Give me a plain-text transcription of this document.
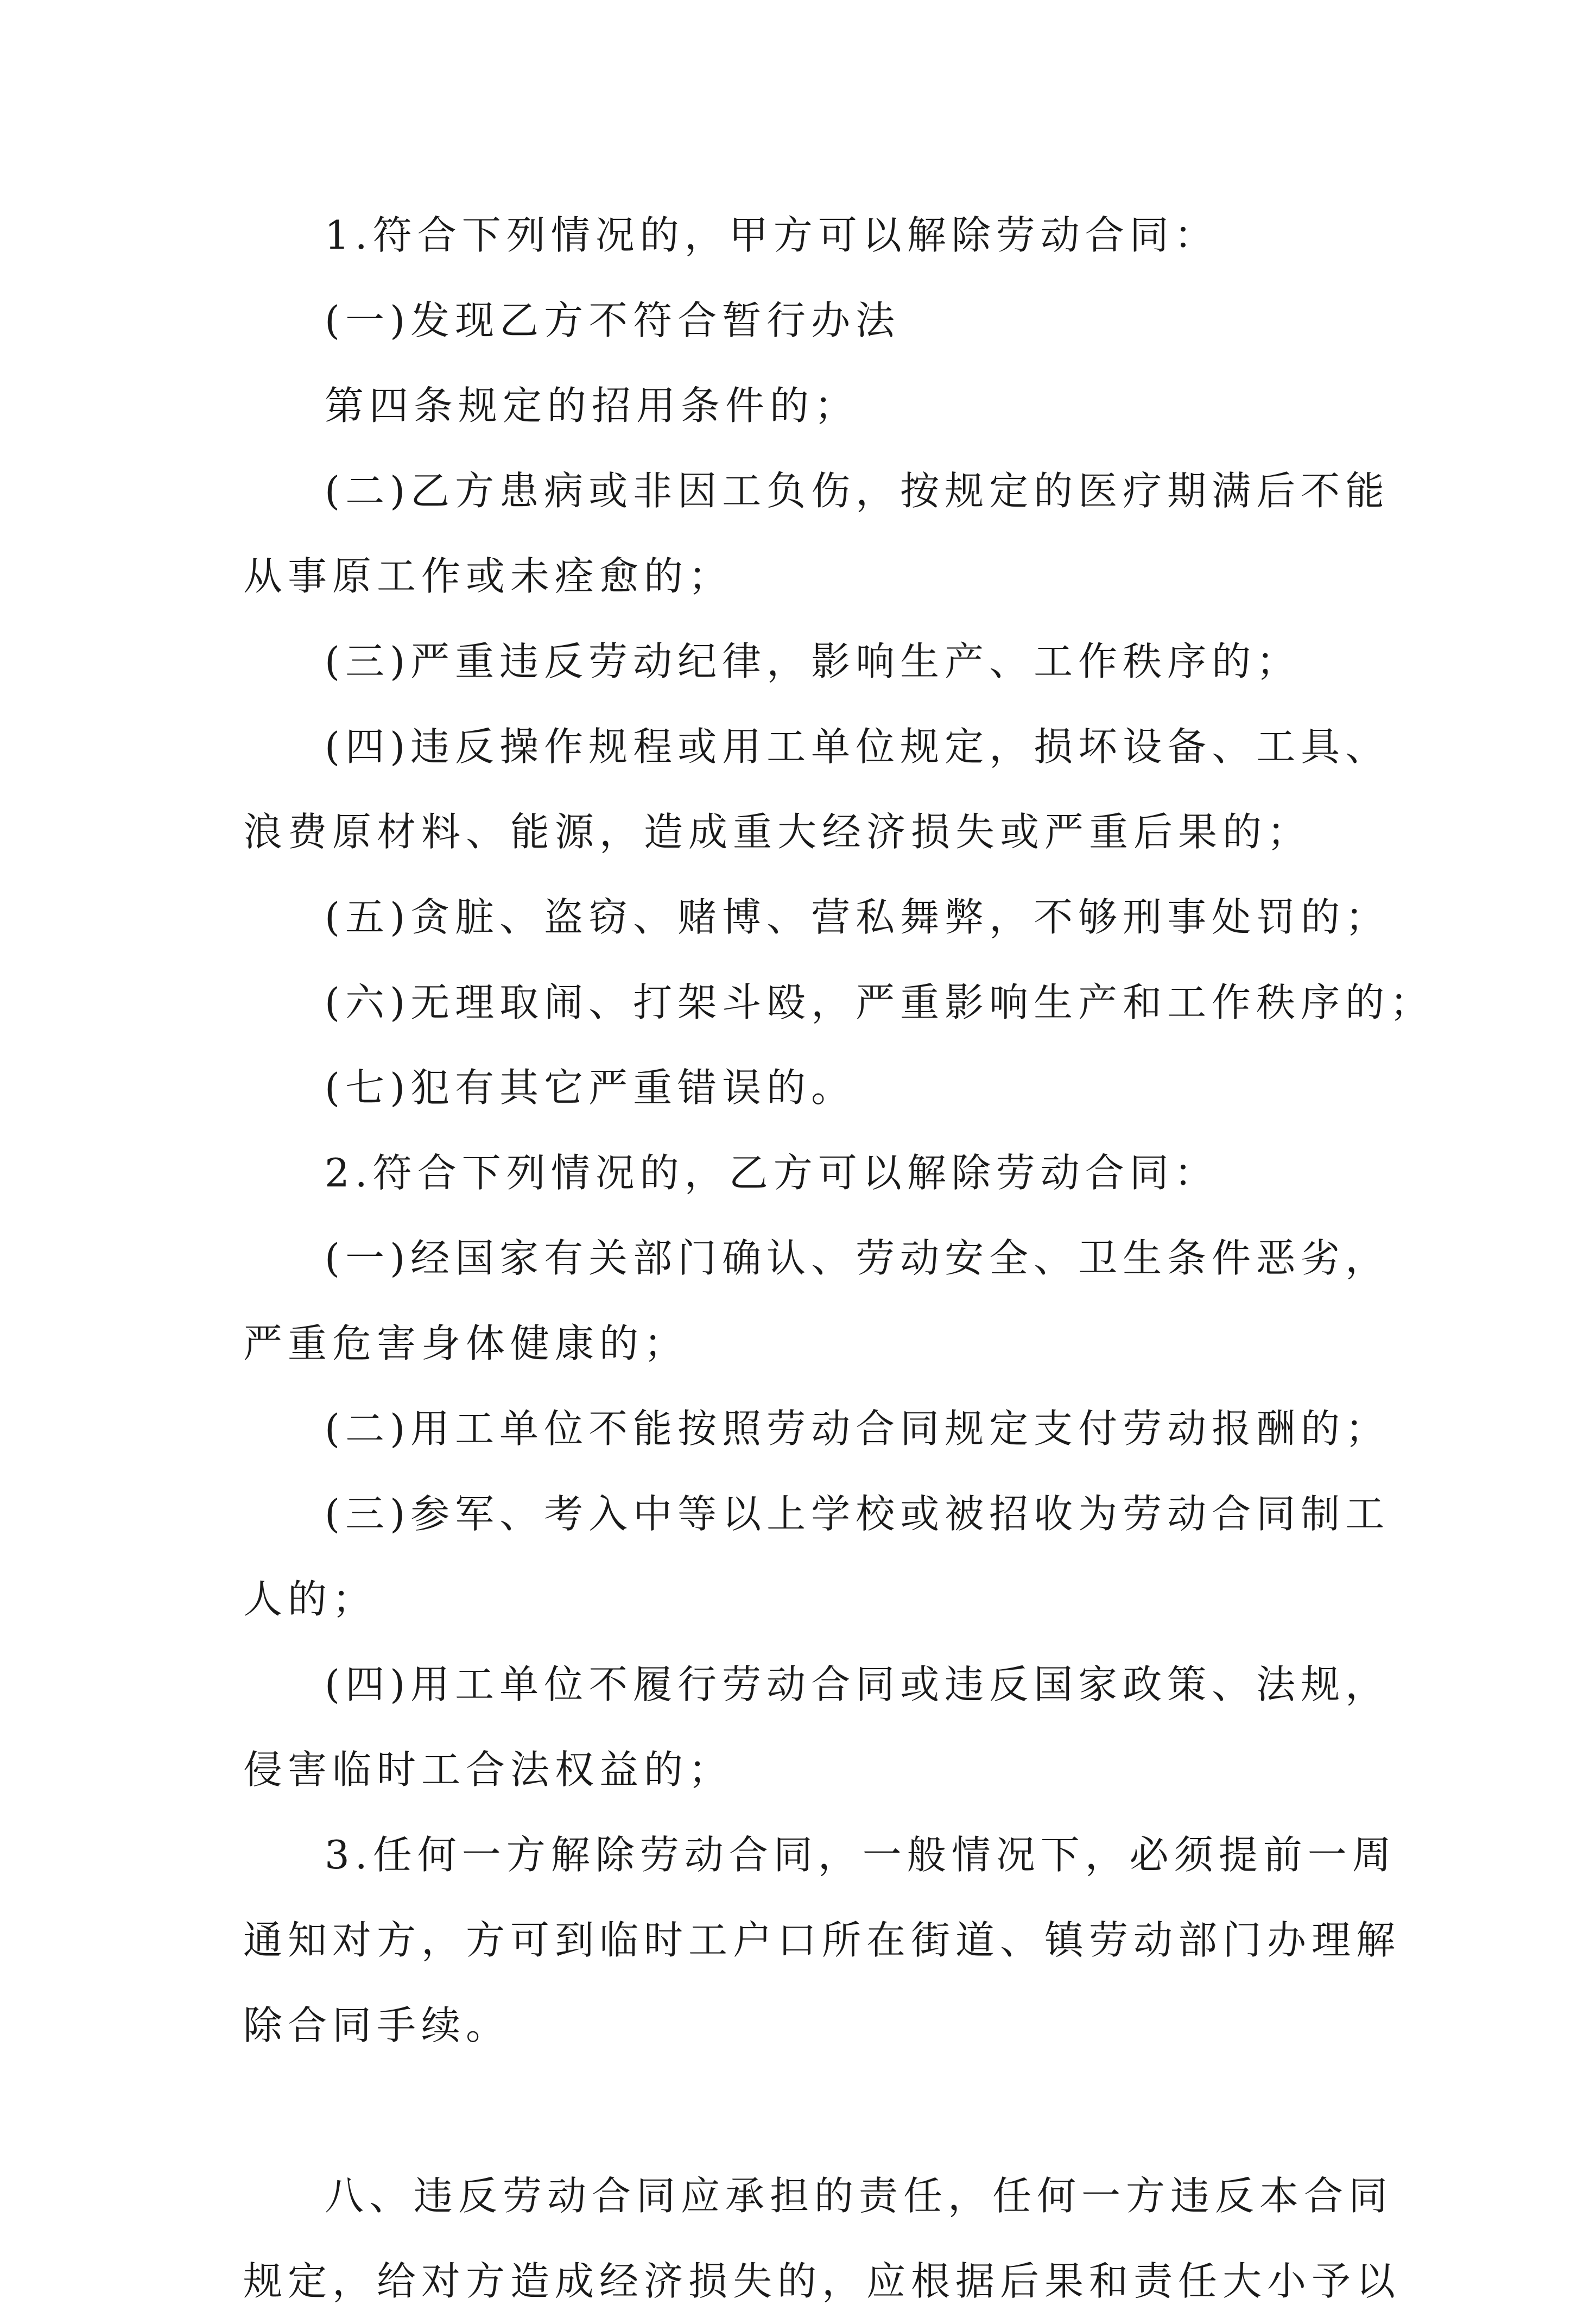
1.符合下列情况的，甲方可以解除劳动合同：
(一)发现乙方不符合暂行办法
第四条规定的招用条件的；
(二)乙方患病或非因工负伤，按规定的医疗期满后不能
从事原工作或未痊愈的；
(三)严重违反劳动纪律，影响生产、工作秩序的；
(四)违反操作规程或用工单位规定，损坏设备、工具、
浪费原材料、能源，造成重大经济损失或严重后果的；
(五)贪脏、盗窃、赌博、营私舞弊，不够刑事处罚的；
(六)无理取闹、打架斗殴，严重影响生产和工作秩序的；
(七)犯有其它严重错误的。
2.符合下列情况的，乙方可以解除劳动合同：
(一)经国家有关部门确认、劳动安全、卫生条件恶劣，
严重危害身体健康的；
(二)用工单位不能按照劳动合同规定支付劳动报酬的；
(三)参军、考入中等以上学校或被招收为劳动合同制工
人的；
(四)用工单位不履行劳动合同或违反国家政策、法规，
侵害临时工合法权益的；
3.任何一方解除劳动合同，一般情况下，必须提前一周
通知对方，方可到临时工户口所在街道、镇劳动部门办理解
除合同手续。
八、违反劳动合同应承担的责任，任何一方违反本合同
规定，给对方造成经济损失的，应根据后果和责任大小予以
